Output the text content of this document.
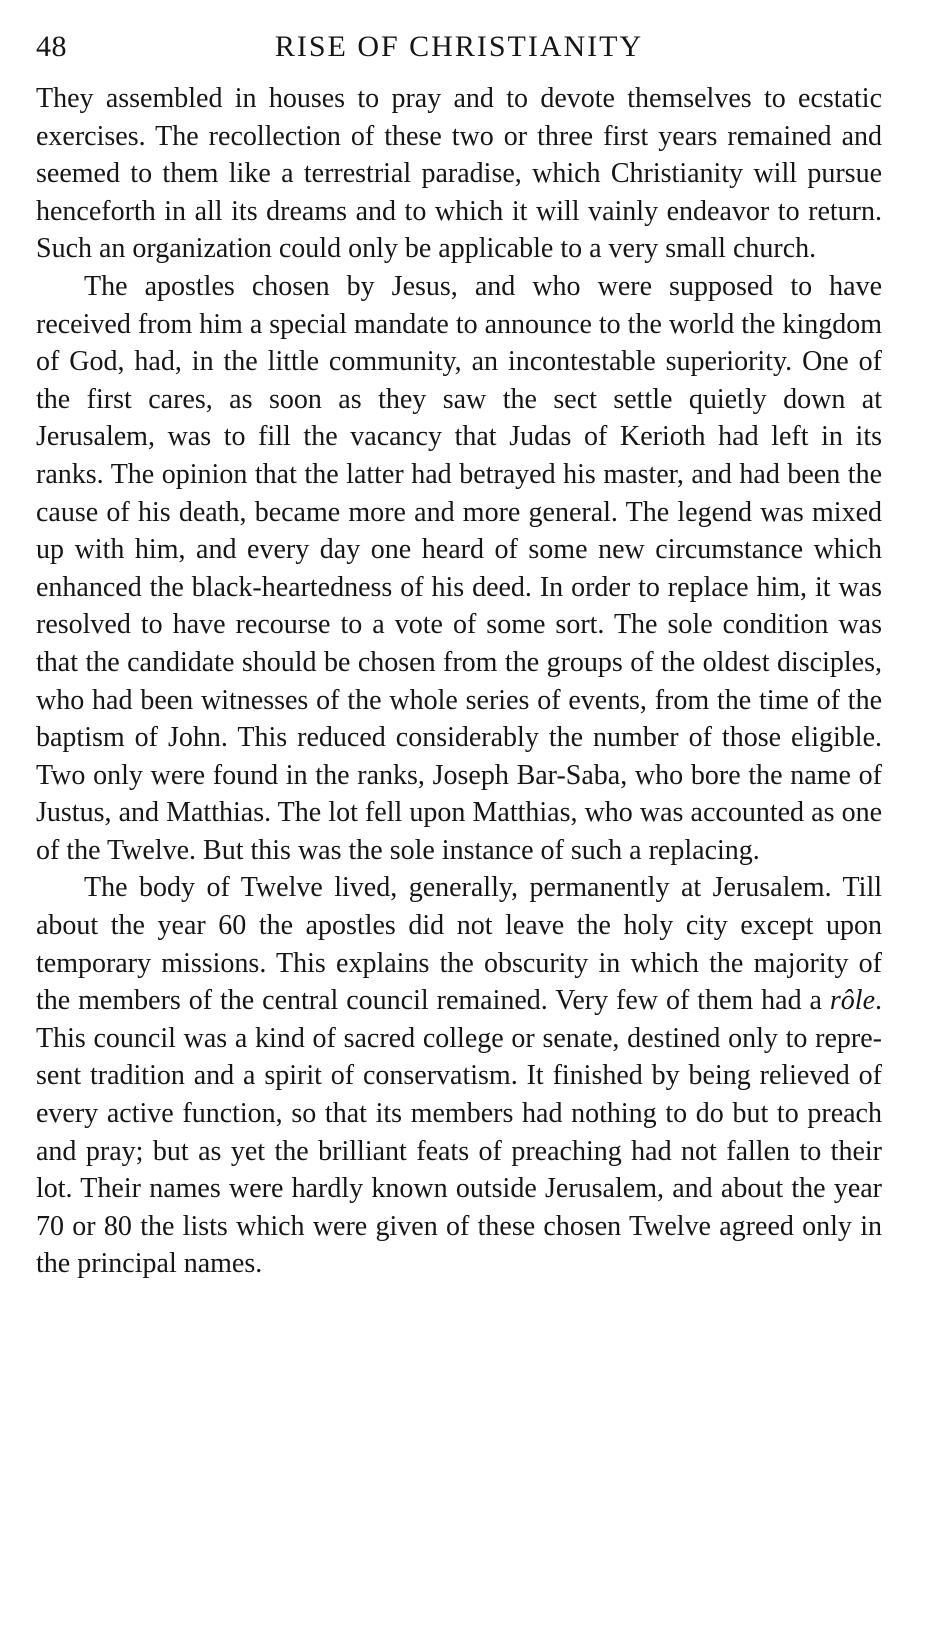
48	RISE OF CHRISTIANITY

They assembled in houses to pray and to devote themselves to ecstatic exercises. The recollection of these two or three first years remained and seemed to them like a terrestrial paradise, which Christianity will pursue henceforth in all its dreams and to which it will vainly endeavor to return. Such an organization could only be applicable to a very small church.

The apostles chosen by Jesus, and who were supposed to have received from him a special mandate to announce to the world the kingdom of God, had, in the little community, an incontestable superiority. One of the first cares, as soon as they saw the sect settle quietly down at Jerusalem, was to fill the vacancy that Judas of Kerioth had left in its ranks. The opinion that the latter had betrayed his master, and had been the cause of his death, became more and more general. The legend was mixed up with him, and every day one heard of some new circumstance which enhanced the black-heartedness of his deed. In order to replace him, it was resolved to have recourse to a vote of some sort. The sole condition was that the candidate should be chosen from the groups of the oldest disciples, who had been witnesses of the whole series of events, from the time of the baptism of John. This reduced considerably the number of those eligible. Two only were found in the ranks, Joseph Bar-Saba, who bore the name of Justus, and Matthias. The lot fell upon Matthias, who was accounted as one of the Twelve. But this was the sole instance of such a replacing.

The body of Twelve lived, generally, permanently at Jerusalem. Till about the year 60 the apostles did not leave the holy city except upon temporary missions. This explains the obscurity in which the majority of the members of the central council remained. Very few of them had a rôle. This council was a kind of sacred college or senate, destined only to represent tradition and a spirit of conservatism. It finished by being relieved of every active function, so that its members had nothing to do but to preach and pray; but as yet the brilliant feats of preaching had not fallen to their lot. Their names were hardly known outside Jerusalem, and about the year 70 or 80 the lists which were given of these chosen Twelve agreed only in the principal names.
